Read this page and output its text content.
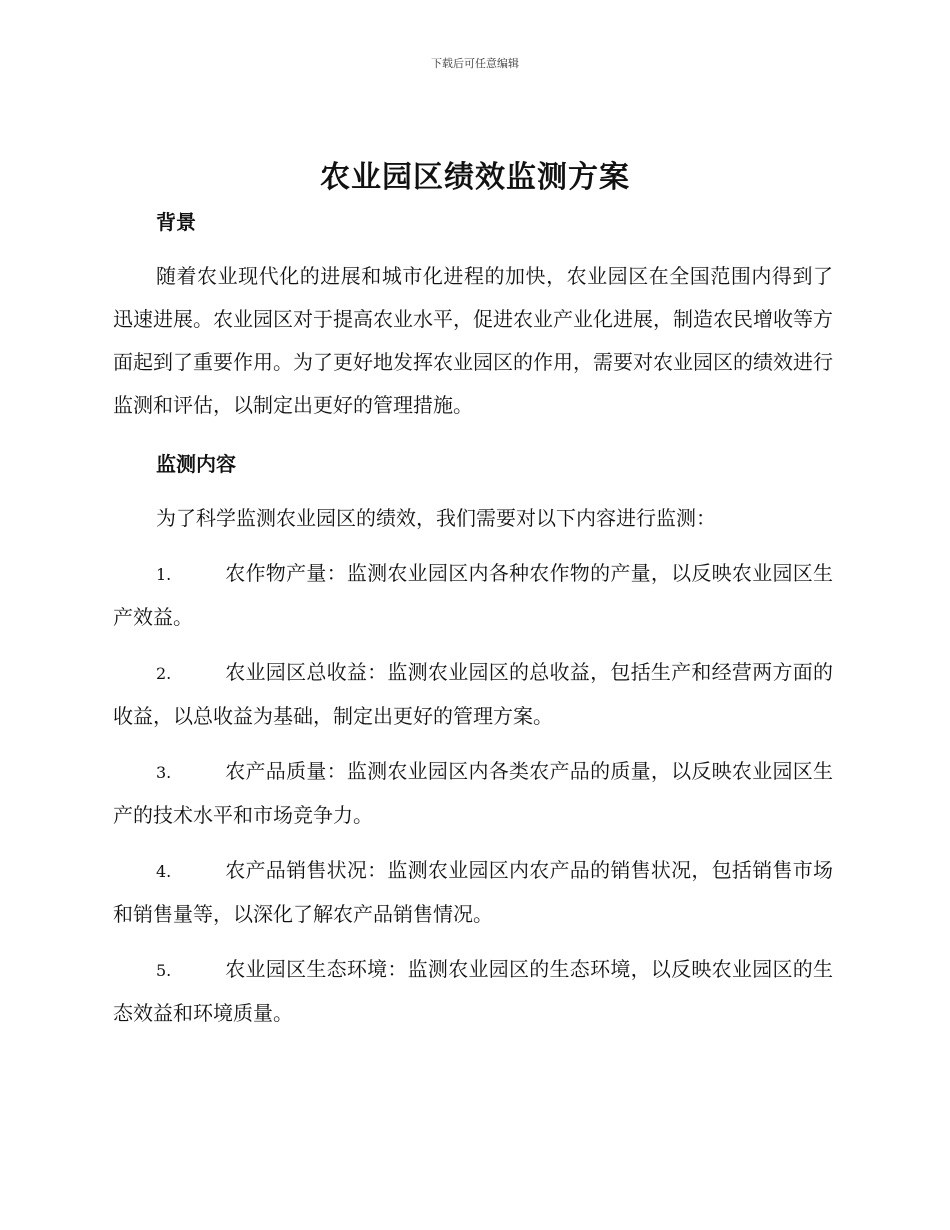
下载后可任意编辑
农业园区绩效监测方案
背景

随着农业现代化的进展和城市化进程的加快，农业园区在全国范围内得到了迅速进展。农业园区对于提高农业水平，促进农业产业化进展，制造农民增收等方面起到了重要作用。为了更好地发挥农业园区的作用，需要对农业园区的绩效进行监测和评估，以制定出更好的管理措施。

监测内容

为了科学监测农业园区的绩效，我们需要对以下内容进行监测：

1.	农作物产量：监测农业园区内各种农作物的产量，以反映农业园区生产效益。

2.	农业园区总收益：监测农业园区的总收益，包括生产和经营两方面的收益，以总收益为基础，制定出更好的管理方案。

3.	农产品质量：监测农业园区内各类农产品的质量，以反映农业园区生产的技术水平和市场竞争力。

4.	农产品销售状况：监测农业园区内农产品的销售状况，包括销售市场和销售量等，以深化了解农产品销售情况。

5.	农业园区生态环境：监测农业园区的生态环境，以反映农业园区的生态效益和环境质量。
